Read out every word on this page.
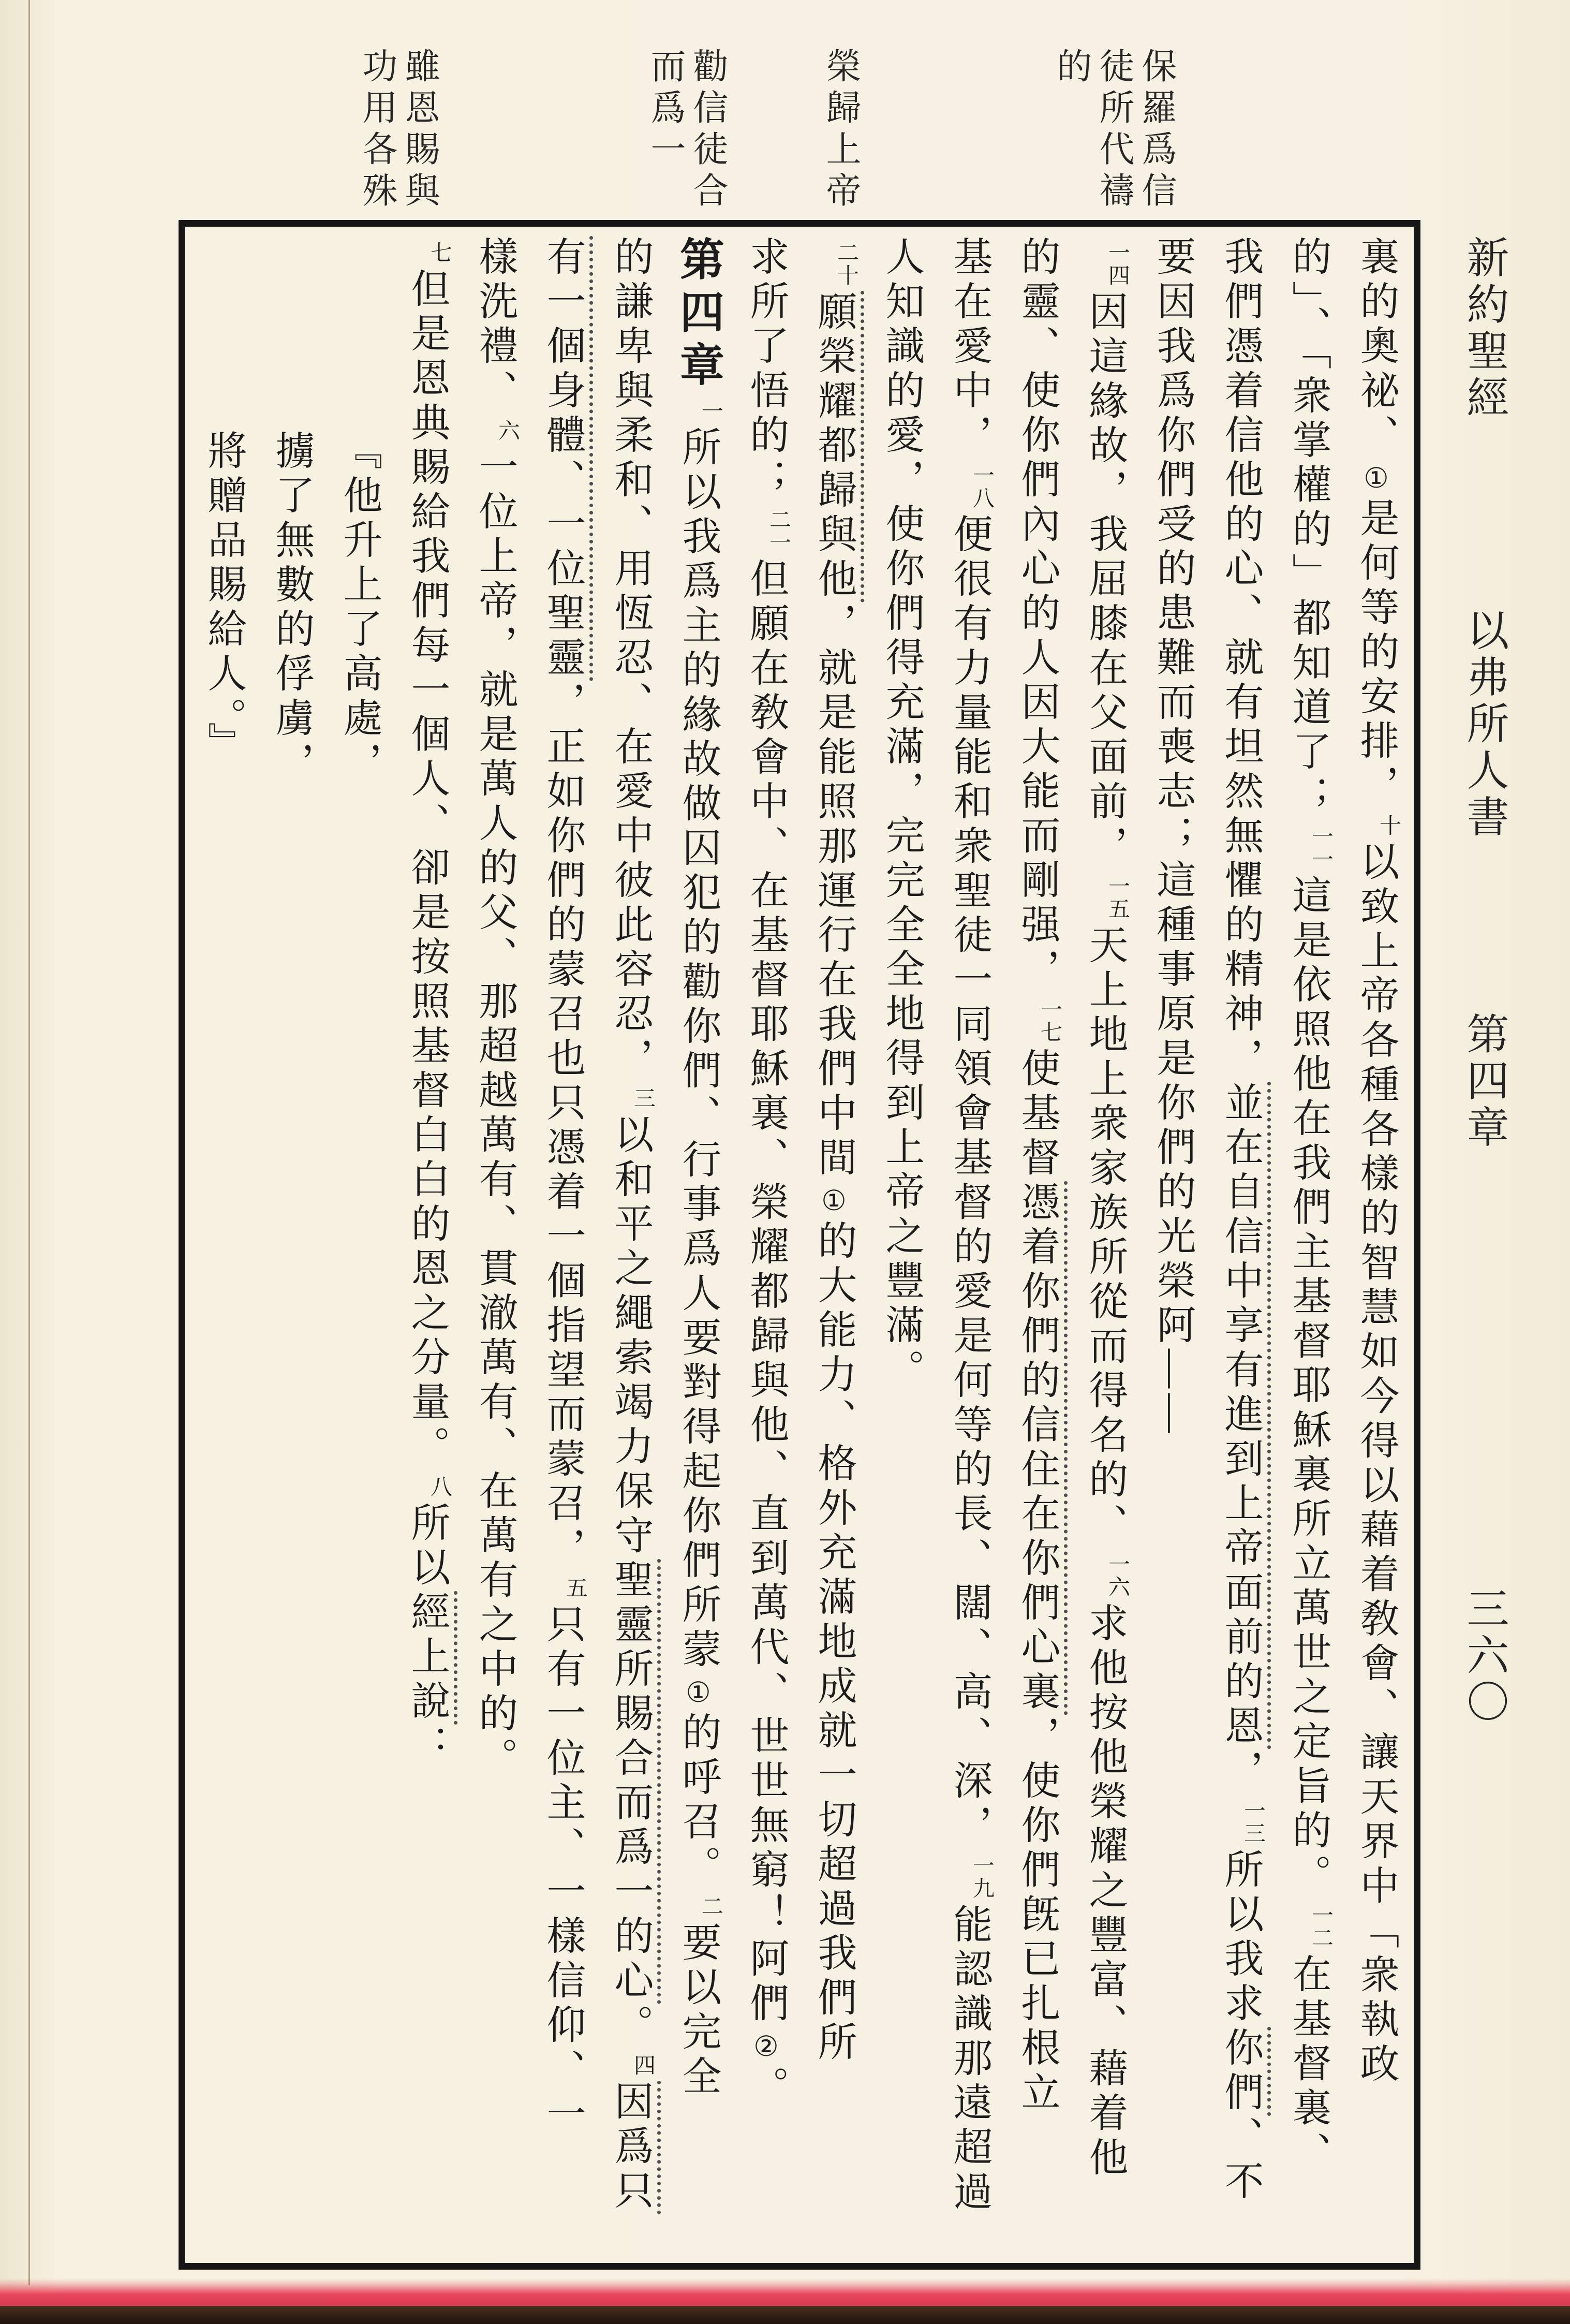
保羅爲信徒所代禱的
榮歸上帝
勸信徒合而爲一
雖恩賜與功用各殊
新約聖經以弗所人書第四章三六〇
裏的奧祕、①是何等的安排，十以致上帝各種各樣的智慧如今得以藉着敎會、讓天界中「衆執政
的」、「衆掌權的」都知道了；一一這是依照他在我們主基督耶穌裏所立萬世之定旨的。一二在基督裏、
我們憑着信他的心、就有坦然無懼的精神，並在自信中享有進到上帝面前的恩，一三所以我求你們、不
要因我爲你們受的患難而喪志；這種事原是你們的光榮阿——
一四因這緣故，我屈膝在父面前，一五天上地上衆家族所從而得名的、一六求他按他榮耀之豐富、藉着他
的靈、使你們內心的人因大能而剛强，一七使基督憑着你們的信住在你們心裏，使你們旣已扎根立
基在愛中，一八便很有力量能和衆聖徒一同領會基督的愛是何等的長、闊、高、深，一九能認識那遠超過
人知識的愛，使你們得充滿，完完全全地得到上帝之豐滿。
二十願榮耀都歸與他，就是能照那運行在我們中間①的大能力、格外充滿地成就一切超過我們所
求所了悟的；二一但願在敎會中、在基督耶穌裏、榮耀都歸與他、直到萬代、世世無窮！阿們②。
第四章一所以我爲主的緣故做囚犯的勸你們、行事爲人要對得起你們所蒙①的呼召。二要以完全
的謙卑與柔和、用恆忍、在愛中彼此容忍，三以和平之繩索竭力保守聖靈所賜合而爲一的心。四因爲只
有一個身體、一位聖靈，正如你們的蒙召也只憑着一個指望而蒙召，五只有一位主、一樣信仰、一
樣洗禮、六一位上帝，就是萬人的父、那超越萬有、貫澈萬有、在萬有之中的。
七但是恩典賜給我們每一個人、卻是按照基督白白的恩之分量。八所以經上說：
『他升上了高處，
擄了無數的俘虜，
將贈品賜給人。』
